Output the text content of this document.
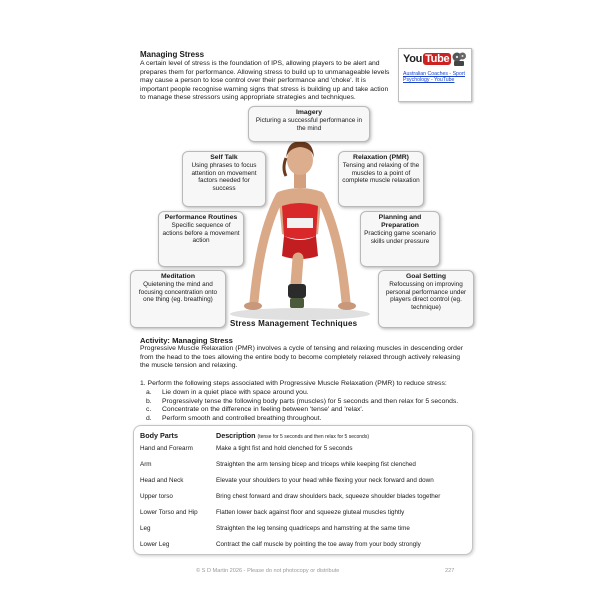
Managing Stress
A certain level of stress is the foundation of IPS, allowing players to be alert and prepares them for performance. Allowing stress to build up to unmanageable levels may cause a person to lose control over their performance and 'choke'. It is important people recognise warning signs that stress is building up and take action to manage these stressors using appropriate strategies and techniques.
You Tube
Australian Coaches - Sport Psychology - YouTube
Imagery
Picturing a successful performance in the mind
Self Talk
Using phrases to focus attention on movement factors needed for success
Relaxation (PMR)
Tensing and relaxing of the muscles to a point of complete muscle relaxation
Performance Routines
Specific sequence of actions before a movement action
Planning and Preparation
Practicing game scenario skills under pressure
Meditation
Quietening the mind and focusing concentration onto one thing (eg. breathing)
Goal Setting
Refocussing on improving personal performance under players direct control (eg. technique)
Stress Management Techniques
Activity: Managing Stress
Progressive Muscle Relaxation (PMR) involves a cycle of tensing and relaxing muscles in descending order from the head to the toes allowing the entire body to become completely relaxed through actively releasing the muscle tension and relaxing.
1. Perform the following steps associated with Progressive Muscle Relaxation (PMR) to reduce stress:
a. Lie down in a quiet place with space around you.
b. Progressively tense the following body parts (muscles) for 5 seconds and then relax for 5 seconds.
c. Concentrate on the difference in feeling between 'tense' and 'relax'.
d. Perform smooth and controlled breathing throughout.
Body Parts	Description (tense for 5 seconds and then relax for 5 seconds)
Hand and Forearm	Make a tight fist and hold clenched for 5 seconds
Arm	Straighten the arm tensing bicep and triceps while keeping fist clenched
Head and Neck	Elevate your shoulders to your head while flexing your neck forward and down
Upper torso	Bring chest forward and draw shoulders back, squeeze shoulder blades together
Lower Torso and Hip	Flatten lower back against floor and squeeze gluteal muscles tightly
Leg	Straighten the leg tensing quadriceps and hamstring at the same time
Lower Leg	Contract the calf muscle by pointing the toe away from your body strongly
© S D Martin 2026 - Please do not photocopy or distribute	227
